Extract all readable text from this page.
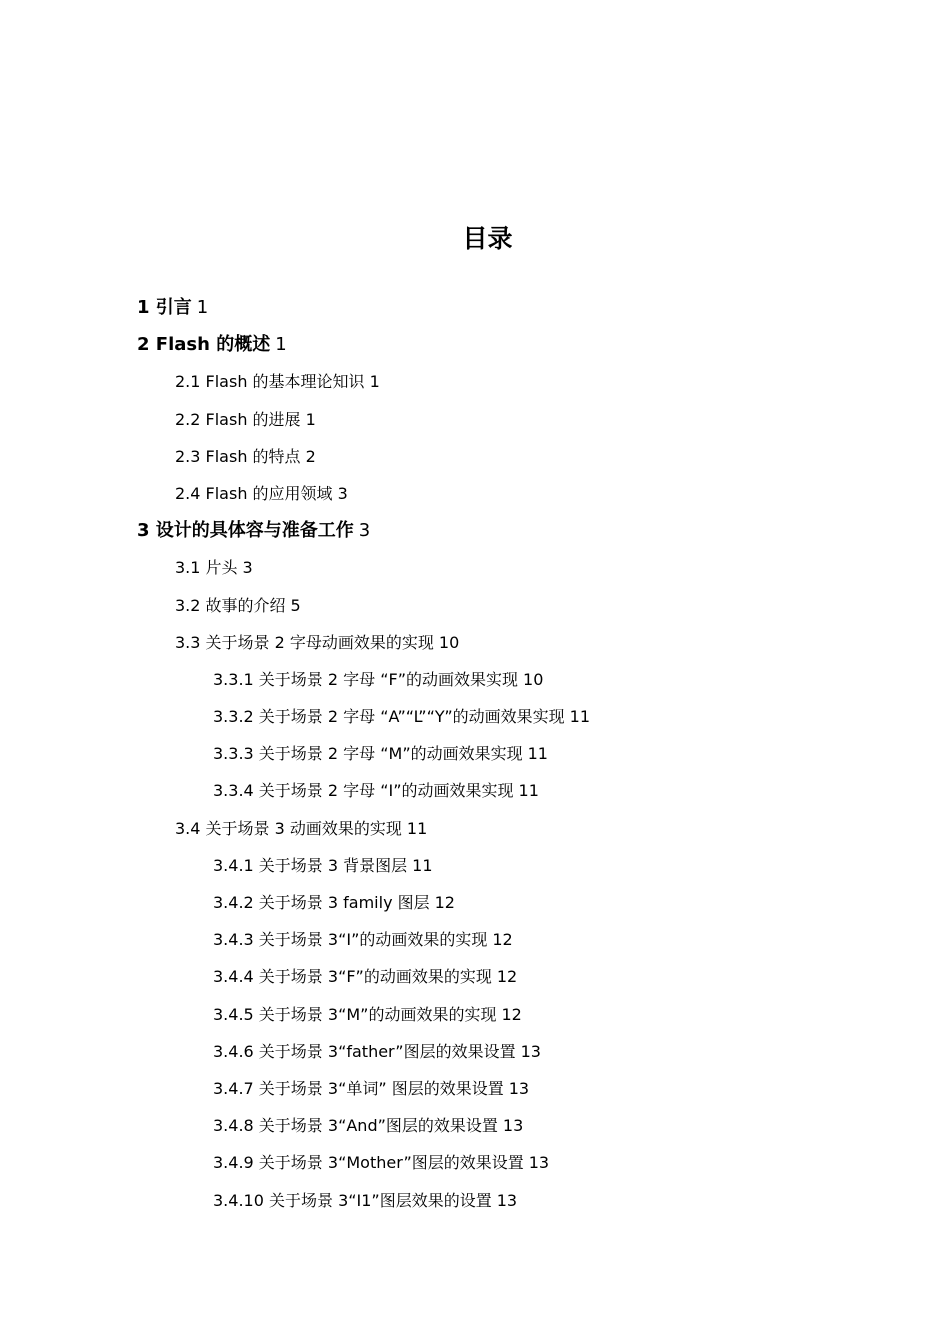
目录
1 引言 1
2 Flash 的概述 1
2.1 Flash 的基本理论知识 1
2.2 Flash 的进展 1
2.3 Flash 的特点 2
2.4 Flash 的应用领域 3
3 设计的具体容与准备工作 3
3.1 片头 3
3.2 故事的介绍 5
3.3 关于场景 2 字母动画效果的实现 10
3.3.1 关于场景 2 字母 “F”的动画效果实现 10
3.3.2 关于场景 2 字母 “A”“L”“Y”的动画效果实现 11
3.3.3 关于场景 2 字母 “M”的动画效果实现 11
3.3.4 关于场景 2 字母 “I”的动画效果实现 11
3.4 关于场景 3 动画效果的实现 11
3.4.1 关于场景 3 背景图层 11
3.4.2 关于场景 3 family 图层 12
3.4.3 关于场景 3“I”的动画效果的实现 12
3.4.4 关于场景 3“F”的动画效果的实现 12
3.4.5 关于场景 3“M”的动画效果的实现 12
3.4.6 关于场景 3“father”图层的效果设置 13
3.4.7 关于场景 3“单词” 图层的效果设置 13
3.4.8 关于场景 3“And”图层的效果设置 13
3.4.9 关于场景 3“Mother”图层的效果设置 13
3.4.10 关于场景 3“I1”图层效果的设置 13
